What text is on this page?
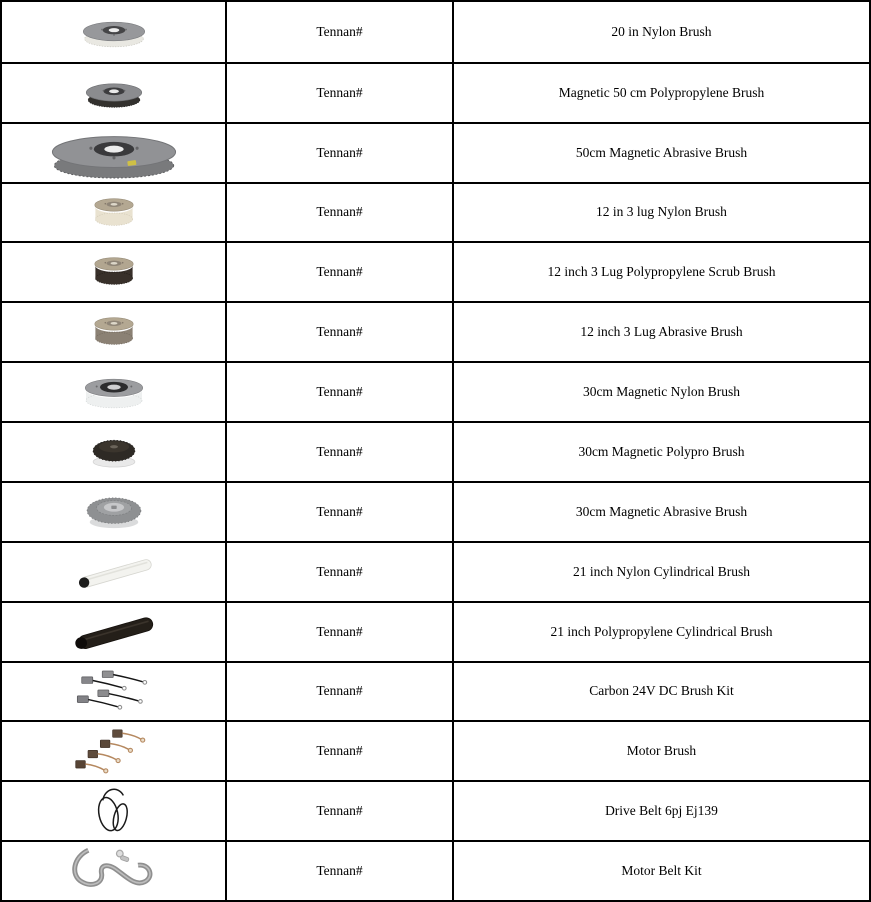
Tennan#	20 in Nylon Brush
Tennan#	Magnetic 50 cm Polypropylene Brush
Tennan#	50cm Magnetic Abrasive Brush
Tennan#	12 in 3 lug Nylon Brush
Tennan#	12 inch 3 Lug Polypropylene Scrub Brush
Tennan#	12 inch 3 Lug Abrasive Brush
Tennan#	30cm Magnetic Nylon Brush
Tennan#	30cm Magnetic Polypro Brush
Tennan#	30cm Magnetic Abrasive Brush
Tennan#	21 inch Nylon Cylindrical Brush
Tennan#	21 inch Polypropylene Cylindrical Brush
Tennan#	Carbon 24V DC Brush Kit
Tennan#	Motor Brush
Tennan#	Drive Belt 6pj Ej139
Tennan#	Motor Belt Kit
